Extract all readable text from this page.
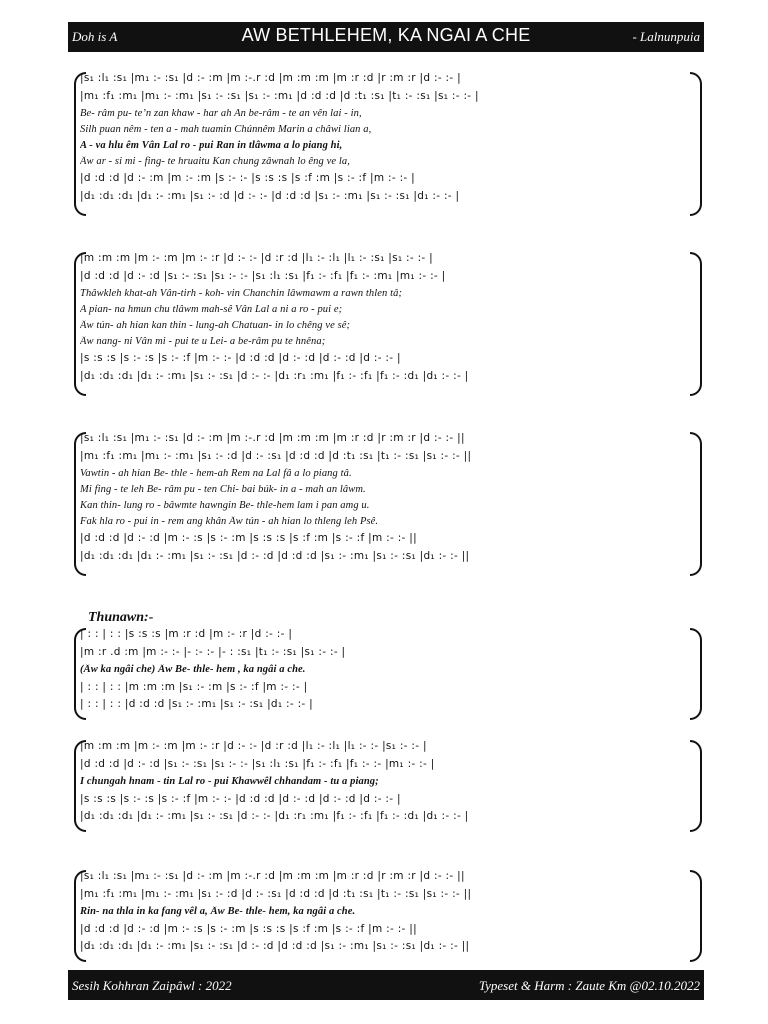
Doh is A	AW BETHLEHEM, KA NGAI A CHE	- Lalnunpuia
|s₁ :l₁ :s₁ |m₁ :- :s₁ |d :- :m |m :-.r :d |m :m :m |m :r :d |r :m :r |d :- :- |
|m₁ :f₁ :m₁ |m₁ :- :m₁ |s₁ :- :s₁ |s₁ :- :m₁ |d :d :d |d :t₁ :s₁ |t₁ :- :s₁ |s₁ :- :- |
Be- râm pu- te’n zan khaw - har ah An be-râm - te an vên lai - in,
Silh puan nêm - ten a - mah tuamin Chúnnêm Marin a châwi lian a,
A - va hlu êm Vân Lal ro - pui Ran in tlâwma a lo piang hi,
Âw ar - si mi - fing- te hruaitu Kan chung zâwnah lo êng ve la,
|d :d :d |d :- :m |m :- :m |s :- :- |s :s :s |s :f :m |s :- :f |m :- :- |
|d₁ :d₁ :d₁ |d₁ :- :m₁ |s₁ :- :d |d :- :- |d :d :d |s₁ :- :m₁ |s₁ :- :s₁ |d₁ :- :- |
|m :m :m |m :- :m |m :- :r |d :- :- |d :r :d |l₁ :- :l₁ |l₁ :- :s₁ |s₁ :- :- |
|d :d :d |d :- :d |s₁ :- :s₁ |s₁ :- :- |s₁ :l₁ :s₁ |f₁ :- :f₁ |f₁ :- :m₁ |m₁ :- :- |
Thâwkleh khat-ah Vân-tirh - koh- vin Chanchin lâwmawm a rawn thlen tâ;
A pian- na hmun chu tlâwm mah-sê Vân Lal a ni a ro - pui e;
Âw tún- ah hian kan thin - lung-ah Chatuan- in lo chêng ve sê;
Âw nang- ni Vân mi - pui te u Lei- a be-râm pu te hnêna;
|s :s :s |s :- :s |s :- :f |m :- :- |d :d :d |d :- :d |d :- :d |d :- :- |
|d₁ :d₁ :d₁ |d₁ :- :m₁ |s₁ :- :s₁ |d :- :- |d₁ :r₁ :m₁ |f₁ :- :f₁ |f₁ :- :d₁ |d₁ :- :- |
|s₁ :l₁ :s₁ |m₁ :- :s₁ |d :- :m |m :-.r :d |m :m :m |m :r :d |r :m :r |d :- :- ||
|m₁ :f₁ :m₁ |m₁ :- :m₁ |s₁ :- :d |d :- :s₁ |d :d :d |d :t₁ :s₁ |t₁ :- :s₁ |s₁ :- :- ||
Vawtin - ah hian Be- thle - hem-ah Rem na Lal fâ a lo piang tâ.
Mi fing - te leh Be- râm pu - ten Chi- bai búk- in a - mah an lâwm.
Kan thin- lung ro - bâwmte hawngin Be- thle-hem lam i pan amg u.
Fak hla ro - pui in - rem ang khân Âw tún - ah hian lo thleng leh Psê.
|d :d :d |d :- :d |m :- :s |s :- :m |s :s :s |s :f :m |s :- :f |m :- :- ||
|d₁ :d₁ :d₁ |d₁ :- :m₁ |s₁ :- :s₁ |d :- :d |d :d :d |s₁ :- :m₁ |s₁ :- :s₁ |d₁ :- :- ||
Thunawn:-
| : : | : : |s :s :s |m :r :d |m :- :r |d :- :- |
|m :r .d :m |m :- :- |- :- :- |- : :s₁ |t₁ :- :s₁ |s₁ :- :- |
(Âw ka ngâi che) Âw Be- thle- hem , ka ngâi a che.
| : : | : : |m :m :m |s₁ :- :m |s :- :f |m :- :- |
| : : | : : |d :d :d |s₁ :- :m₁ |s₁ :- :s₁ |d₁ :- :- |
|m :m :m |m :- :m |m :- :r |d :- :- |d :r :d |l₁ :- :l₁ |l₁ :- :- |s₁ :- :- |
|d :d :d |d :- :d |s₁ :- :s₁ |s₁ :- :- |s₁ :l₁ :s₁ |f₁ :- :f₁ |f₁ :- :- |m₁ :- :- |
I chungah hnam - tin Lal ro - pui Khawwêl chhandam - tu a piang;
|s :s :s |s :- :s |s :- :f |m :- :- |d :d :d |d :- :d |d :- :d |d :- :- |
|d₁ :d₁ :d₁ |d₁ :- :m₁ |s₁ :- :s₁ |d :- :- |d₁ :r₁ :m₁ |f₁ :- :f₁ |f₁ :- :d₁ |d₁ :- :- |
|s₁ :l₁ :s₁ |m₁ :- :s₁ |d :- :m |m :-.r :d |m :m :m |m :r :d |r :m :r |d :- :- ||
|m₁ :f₁ :m₁ |m₁ :- :m₁ |s₁ :- :d |d :- :s₁ |d :d :d |d :t₁ :s₁ |t₁ :- :s₁ |s₁ :- :- ||
Rin- na thla in ka fang vêl a, Âw Be- thle- hem, ka ngâi a che.
|d :d :d |d :- :d |m :- :s |s :- :m |s :s :s |s :f :m |s :- :f |m :- :- ||
|d₁ :d₁ :d₁ |d₁ :- :m₁ |s₁ :- :s₁ |d :- :d |d :d :d |s₁ :- :m₁ |s₁ :- :s₁ |d₁ :- :- ||
Sesih Kohhran Zaipâwl : 2022	Typeset & Harm : Zaute Km @02.10.2022
